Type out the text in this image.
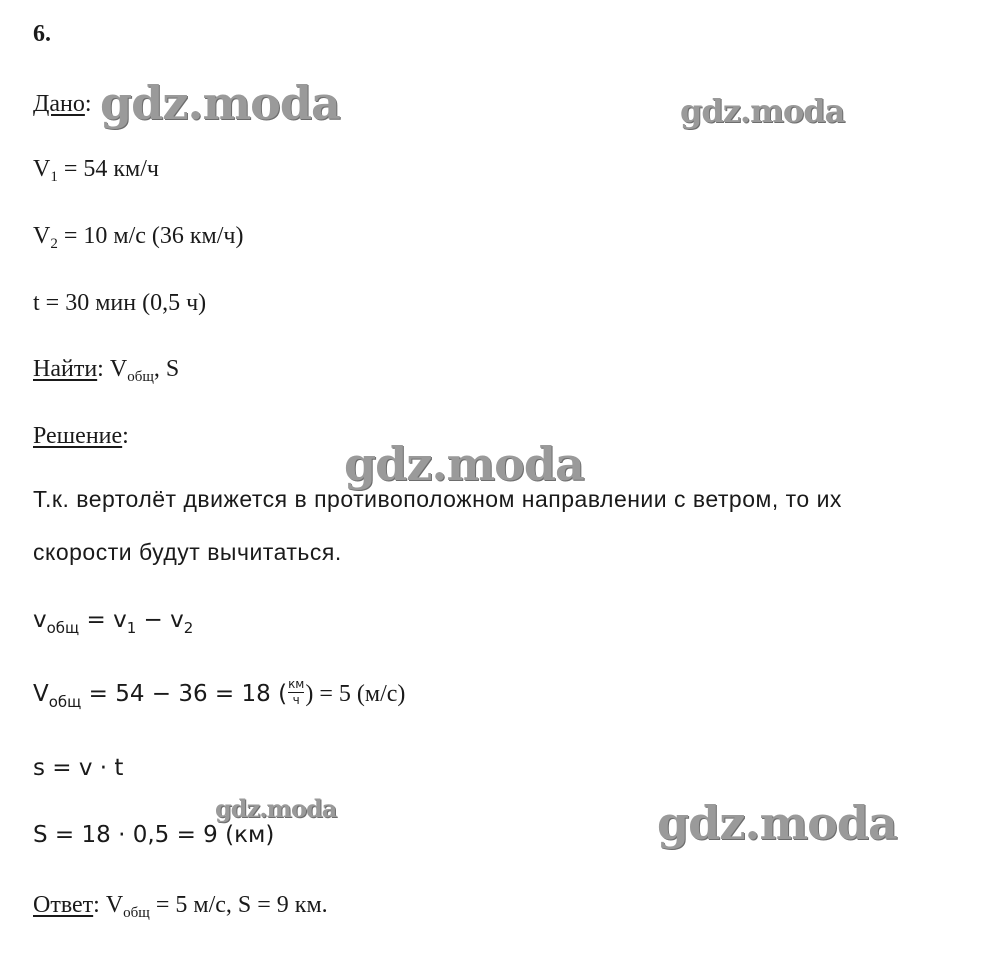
6.
Дано:
$V_1 = 54$ км/ч
$V_2 = 10$ м/с (36 км/ч)
t = 30 мин (0,5 ч)
Найти: $V_{общ}$, S
Решение:
Т.к. вертолёт движется в противоположном направлении с ветром, то их
скорости будут вычитаться.
$v_{общ} = v_1 - v_2$
$V_{общ} = 54 - 36 = 18$ ( $\frac{км}{ч}$ ) = 5 (м/с)
s = v · t
S = 18 · 0,5 = 9 (км)
Ответ: $V_{общ} = 5$ м/с, S = 9 км.
gdz.moda	gdz.moda
gdz.moda
gdz.moda	gdz.moda
